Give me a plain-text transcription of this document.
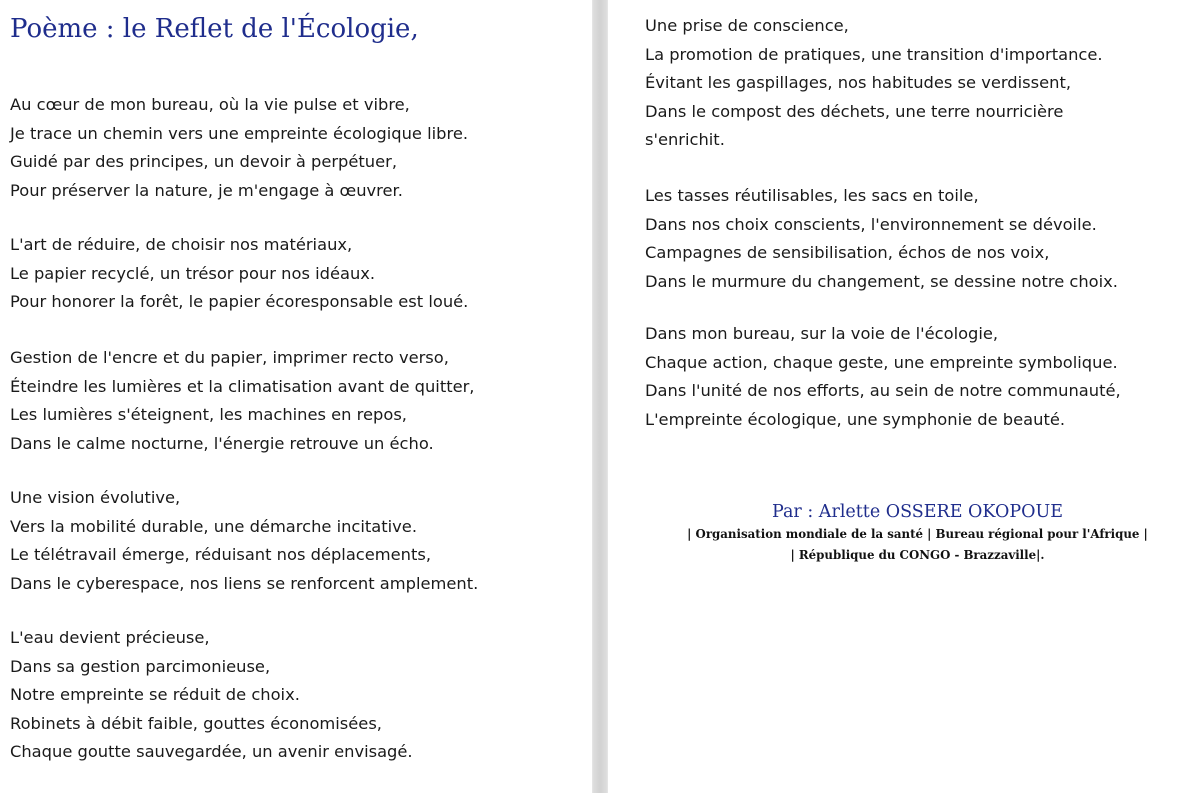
Poème : le Reflet de l'Écologie,
Au cœur de mon bureau, où la vie pulse et vibre,
Je trace un chemin vers une empreinte écologique libre.
Guidé par des principes, un devoir à perpétuer,
Pour préserver la nature, je m'engage à œuvrer.
L'art de réduire, de choisir nos matériaux,
Le papier recyclé, un trésor pour nos idéaux.
Pour honorer la forêt, le papier écoresponsable est loué.
Gestion de l'encre et du papier, imprimer recto verso,
Éteindre les lumières et la climatisation avant de quitter,
Les lumières s'éteignent, les machines en repos,
Dans le calme nocturne, l'énergie retrouve un écho.
Une vision évolutive,
Vers la mobilité durable, une démarche incitative.
Le télétravail émerge, réduisant nos déplacements,
Dans le cyberespace, nos liens se renforcent amplement.
L'eau devient précieuse,
Dans sa gestion parcimonieuse,
Notre empreinte se réduit de choix.
Robinets à débit faible, gouttes économisées,
Chaque goutte sauvegardée, un avenir envisagé.
Une prise de conscience,
La promotion de pratiques, une transition d'importance.
Évitant les gaspillages, nos habitudes se verdissent,
Dans le compost des déchets, une terre nourricière
s'enrichit.
Les tasses réutilisables, les sacs en toile,
Dans nos choix conscients, l'environnement se dévoile.
Campagnes de sensibilisation, échos de nos voix,
Dans le murmure du changement, se dessine notre choix.
Dans mon bureau, sur la voie de l'écologie,
Chaque action, chaque geste, une empreinte symbolique.
Dans l'unité de nos efforts, au sein de notre communauté,
L'empreinte écologique, une symphonie de beauté.
Par : Arlette OSSERE OKOPOUE
| Organisation mondiale de la santé | Bureau régional pour l'Afrique |
| République du CONGO - Brazzaville|.
